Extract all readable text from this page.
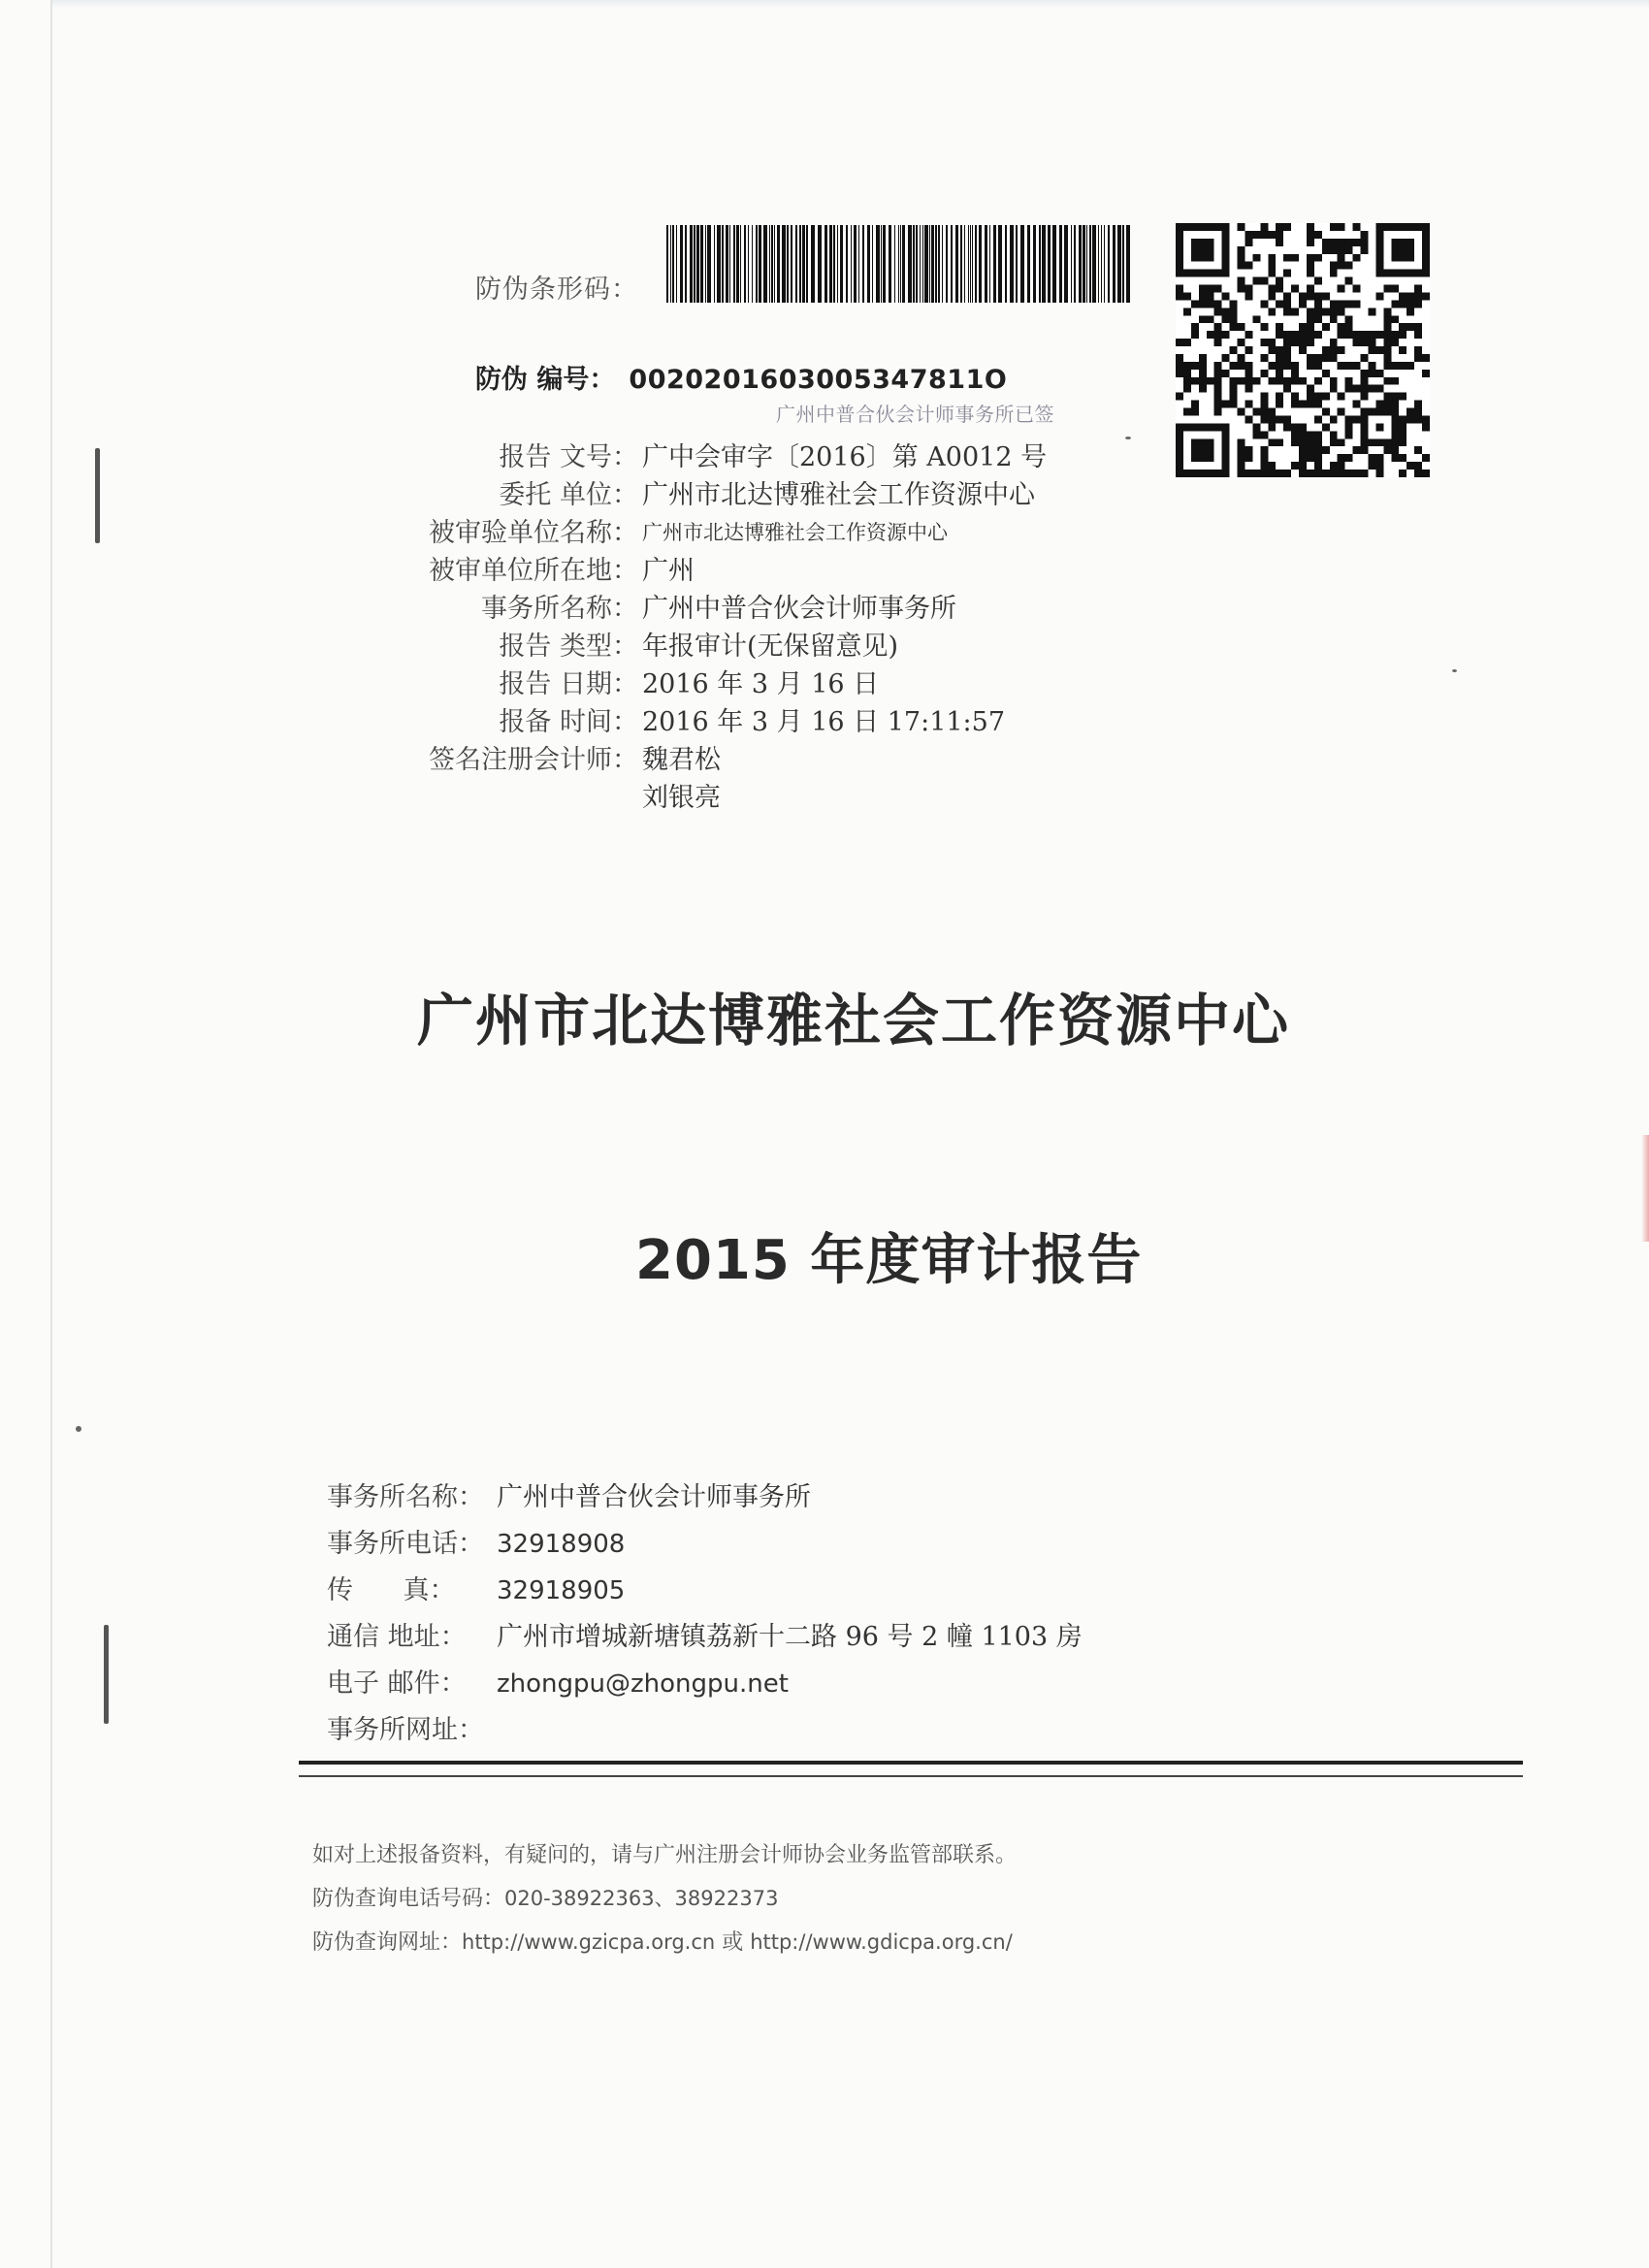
防伪条形码：
防伪 编号： 0020201603005347811O
广州中普合伙会计师事务所已签
报告 文号： 广中会审字〔2016〕第 A0012 号
委托 单位： 广州市北达博雅社会工作资源中心
被审验单位名称： 广州市北达博雅社会工作资源中心
被审单位所在地： 广州
事务所名称： 广州中普合伙会计师事务所
报告 类型： 年报审计(无保留意见)
报告 日期： 2016 年 3 月 16 日
报备 时间： 2016 年 3 月 16 日 17:11:57
签名注册会计师： 魏君松
刘银亮
广州市北达博雅社会工作资源中心
2015 年度审计报告
事务所名称： 广州中普合伙会计师事务所
事务所电话： 32918908
传      真： 32918905
通信 地址： 广州市增城新塘镇荔新十二路 96 号 2 幢 1103 房
电子 邮件： zhongpu@zhongpu.net
事务所网址：
如对上述报备资料，有疑问的，请与广州注册会计师协会业务监管部联系。
防伪查询电话号码：020-38922363、38922373
防伪查询网址：http://www.gzicpa.org.cn 或 http://www.gdicpa.org.cn/
